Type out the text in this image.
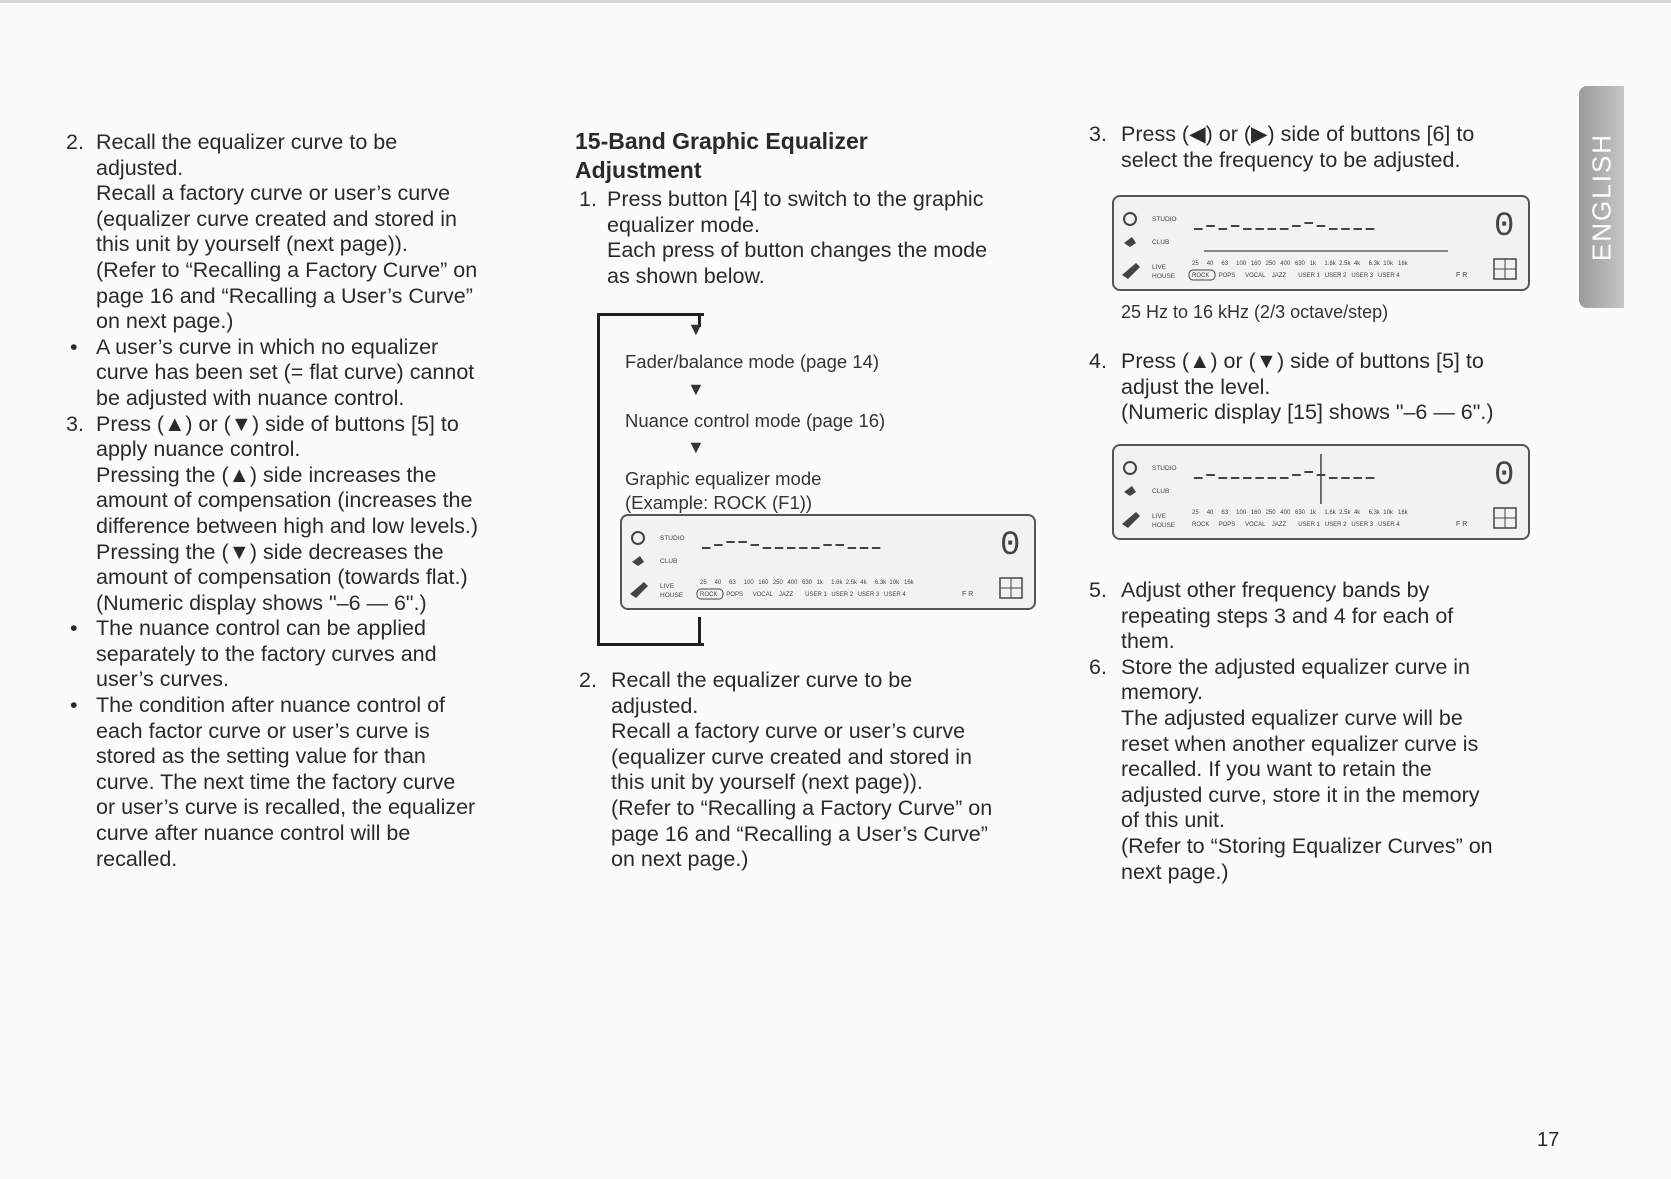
2. Recall the equalizer curve to be
adjusted.
Recall a factory curve or user’s curve
(equalizer curve created and stored in
this unit by yourself (next page)).
(Refer to “Recalling a Factory Curve” on
page 16 and “Recalling a User’s Curve”
on next page.)
• A user’s curve in which no equalizer
curve has been set (= flat curve) cannot
be adjusted with nuance control.
3. Press (▲) or (▼) side of buttons [5] to
apply nuance control.
Pressing the (▲) side increases the
amount of compensation (increases the
difference between high and low levels.)
Pressing the (▼) side decreases the
amount of compensation (towards flat.)
(Numeric display shows "–6 — 6".)
• The nuance control can be applied
separately to the factory curves and
user’s curves.
• The condition after nuance control of
each factor curve or user’s curve is
stored as the setting value for than
curve. The next time the factory curve
or user’s curve is recalled, the equalizer
curve after nuance control will be
recalled.
15-Band Graphic Equalizer
Adjustment
1. Press button [4] to switch to the graphic
equalizer mode.
Each press of button changes the mode
as shown below.
▼
Fader/balance mode (page 14)
▼
Nuance control mode (page 16)
▼
Graphic equalizer mode
(Example: ROCK (F1))
STUDIO
CLUB
LIVE
HOUSE
25 40 63 100 160 250 400 630 1k 1.6k 2.5k 4k 6.3k 10k 16k
ROCK POPS VOCAL JAZZ USER 1 USER 2 USER 3 USER 4
0
F R
2. Recall the equalizer curve to be
adjusted.
Recall a factory curve or user’s curve
(equalizer curve created and stored in
this unit by yourself (next page)).
(Refer to “Recalling a Factory Curve” on
page 16 and “Recalling a User’s Curve”
on next page.)
3. Press (◀) or (▶) side of buttons [6] to
select the frequency to be adjusted.
STUDIO
CLUB
LIVE
HOUSE
25 40 63 100 160 250 400 630 1k 1.6k 2.5k 4k 6.3k 10k 16k
ROCK POPS VOCAL JAZZ USER 1 USER 2 USER 3 USER 4
0
F R
25 Hz to 16 kHz (2/3 octave/step)
4. Press (▲) or (▼) side of buttons [5] to
adjust the level.
(Numeric display [15] shows "–6 — 6".)
STUDIO
CLUB
LIVE
HOUSE
25 40 63 100 160 250 400 630 1k 1.6k 2.5k 4k 6.3k 10k 16k
ROCK POPS VOCAL JAZZ USER 1 USER 2 USER 3 USER 4
0
F R
5. Adjust other frequency bands by
repeating steps 3 and 4 for each of
them.
6. Store the adjusted equalizer curve in
memory.
The adjusted equalizer curve will be
reset when another equalizer curve is
recalled. If you want to retain the
adjusted curve, store it in the memory
of this unit.
(Refer to “Storing Equalizer Curves” on
next page.)
ENGLISH
17
